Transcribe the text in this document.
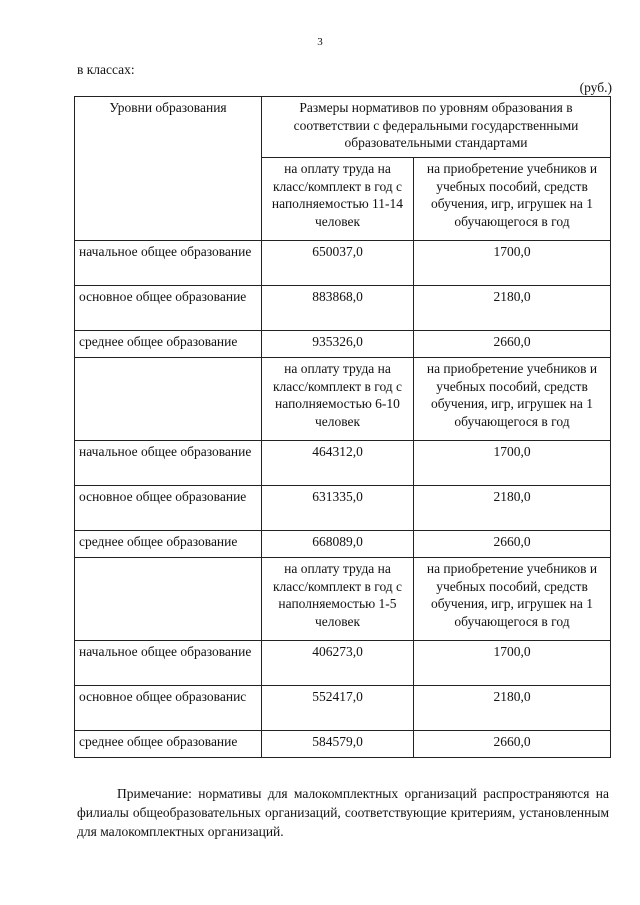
3
в классах:
(руб.)
Уровни образования	Размеры нормативов по уровням образования в соответствии с федеральными государственными образовательными стандартами	
	на оплату труда на класс/комплект в год с наполняемостью 11-14 человек	на приобретение учебников и учебных пособий, средств обучения, игр, игрушек на 1 обучающегося в год
начальное общее образование	650037,0	1700,0
основное общее образование	883868,0	2180,0
среднее общее образование	935326,0	2660,0
	на оплату труда на класс/комплект в год с наполняемостью 6-10 человек	на приобретение учебников и учебных пособий, средств обучения, игр, игрушек на 1 обучающегося в год
начальное общее образование	464312,0	1700,0
основное общее образование	631335,0	2180,0
среднее общее образование	668089,0	2660,0
	на оплату труда на класс/комплект в год с наполняемостью 1-5 человек	на приобретение учебников и учебных пособий, средств обучения, игр, игрушек на 1 обучающегося в год
начальное общее образование	406273,0	1700,0
основное общее образованис	552417,0	2180,0
среднее общее образование	584579,0	2660,0
Примечание: нормативы для малокомплектных организаций распространяются на филиалы общеобразовательных организаций, соответствующие критериям, установленным для малокомплектных организаций.
